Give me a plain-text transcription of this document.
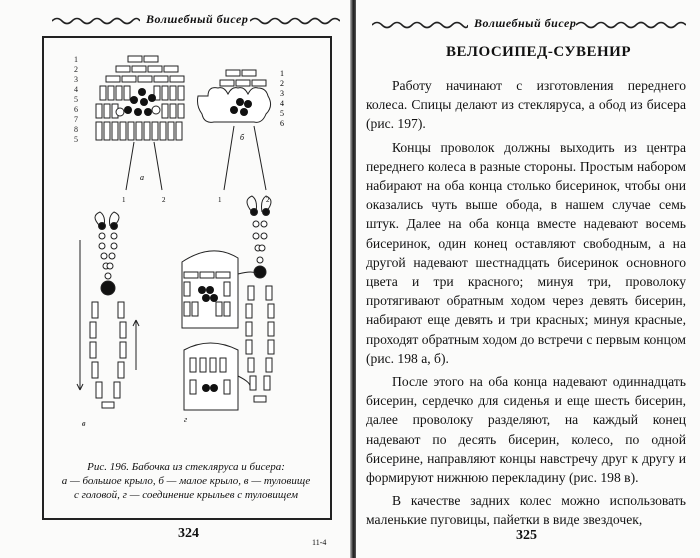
Волшебный бисер
1
2
3
4
5
6
7
8
5
а
1	2
1
2
3
4
5
6
б
1	2
в	г
Рис. 196. Бабочка из стекляруса и бисера:
а — большое крыло, б — малое крыло, в — туловище
с головой, г — соединение крыльев с туловищем
324
11-4
Волшебный бисер
ВЕЛОСИПЕД-СУВЕНИР

Работу начинают с изготовления переднего колеса. Спицы делают из стекляруса, а обод из бисера (рис. 197).

Концы проволок должны выходить из центра переднего колеса в разные стороны. Простым набором набирают на оба конца столько бисеринок, чтобы они оказались чуть выше обода, в нашем случае семь штук. Далее на оба конца вместе надевают восемь бисеринок, один конец оставляют свободным, а на другой надевают шестнадцать бисеринок основного цвета и три красного; минуя три, проволоку протягивают обратным ходом через девять бисерин, набирают еще девять и три красных; минуя красные, проходят обратным ходом до встречи с первым концом (рис. 198 а, б).

После этого на оба конца надевают одиннадцать бисерин, сердечко для сиденья и еще шесть бисерин, далее проволоку разделяют, на каждый конец надевают по десять бисерин, колесо, по одной бисерине, направляют концы навстречу друг к другу и формируют нижнюю перекладину (рис. 198 в).

В качестве задних колес можно использовать маленькие пуговицы, пайетки в виде звездочек,

325
